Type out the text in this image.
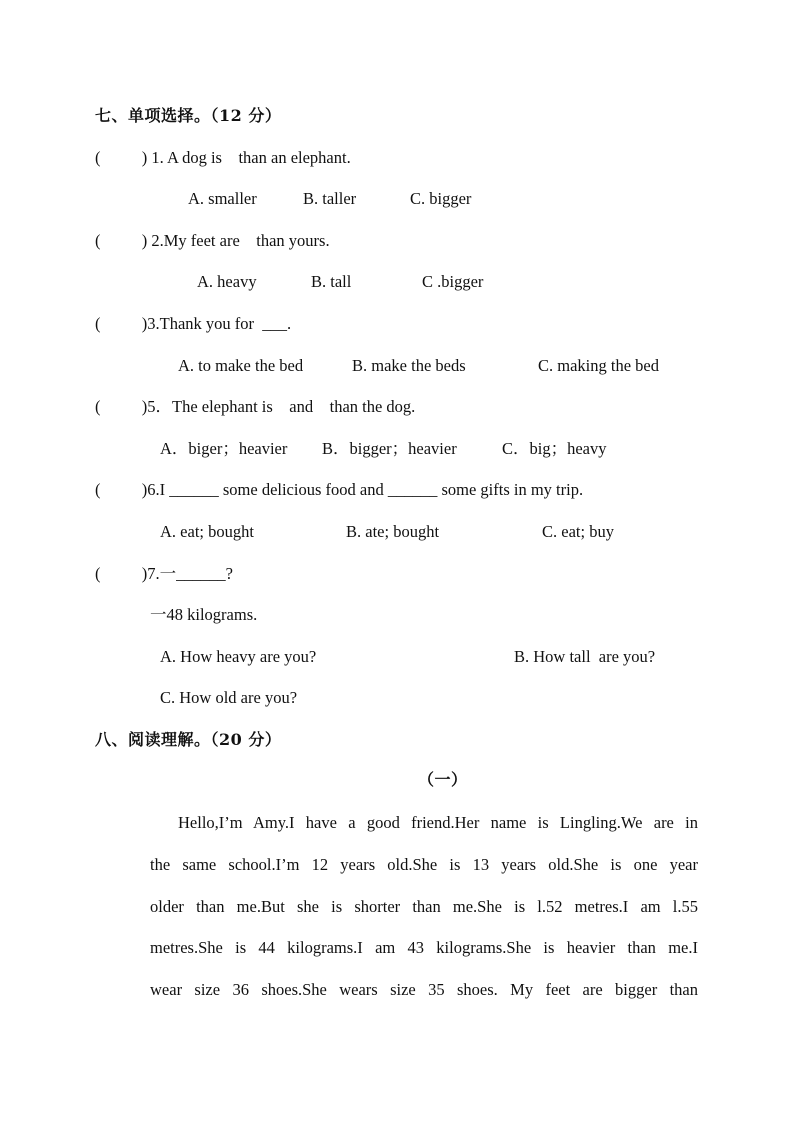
七、单项选择。（12 分）
(          ) 1. A dog is    than an elephant.
A. smaller	B. taller	C. bigger
(          ) 2.My feet are    than yours.
A. heavy	B. tall	C .bigger
(          )3.Thank you for  ___.
A. to make the bed	B. make the beds	C. making the bed
(          )5．The elephant is    and    than the dog.
A．biger；heavier B．bigger；heavier	C．big；heavy
(          )6.I ______ some delicious food and ______ some gifts in my trip.
A. eat; bought	B. ate; bought	C. eat; buy
(          )7.一______?
一48 kilograms.
A. How heavy are you?	B. How tall  are you?
C. How old are you?
八、阅读理解。（20 分）
（一）
Hello,I’m Amy.I have a good friend.Her name is Lingling.We are in
the same school.I’m 12 years old.She is 13 years old.She is one year
older than me.But she is shorter than me.She is l.52 metres.I am l.55
metres.She is 44 kilograms.I am 43 kilograms.She is heavier than me.I
wear size 36 shoes.She wears size 35 shoes. My feet are bigger than
